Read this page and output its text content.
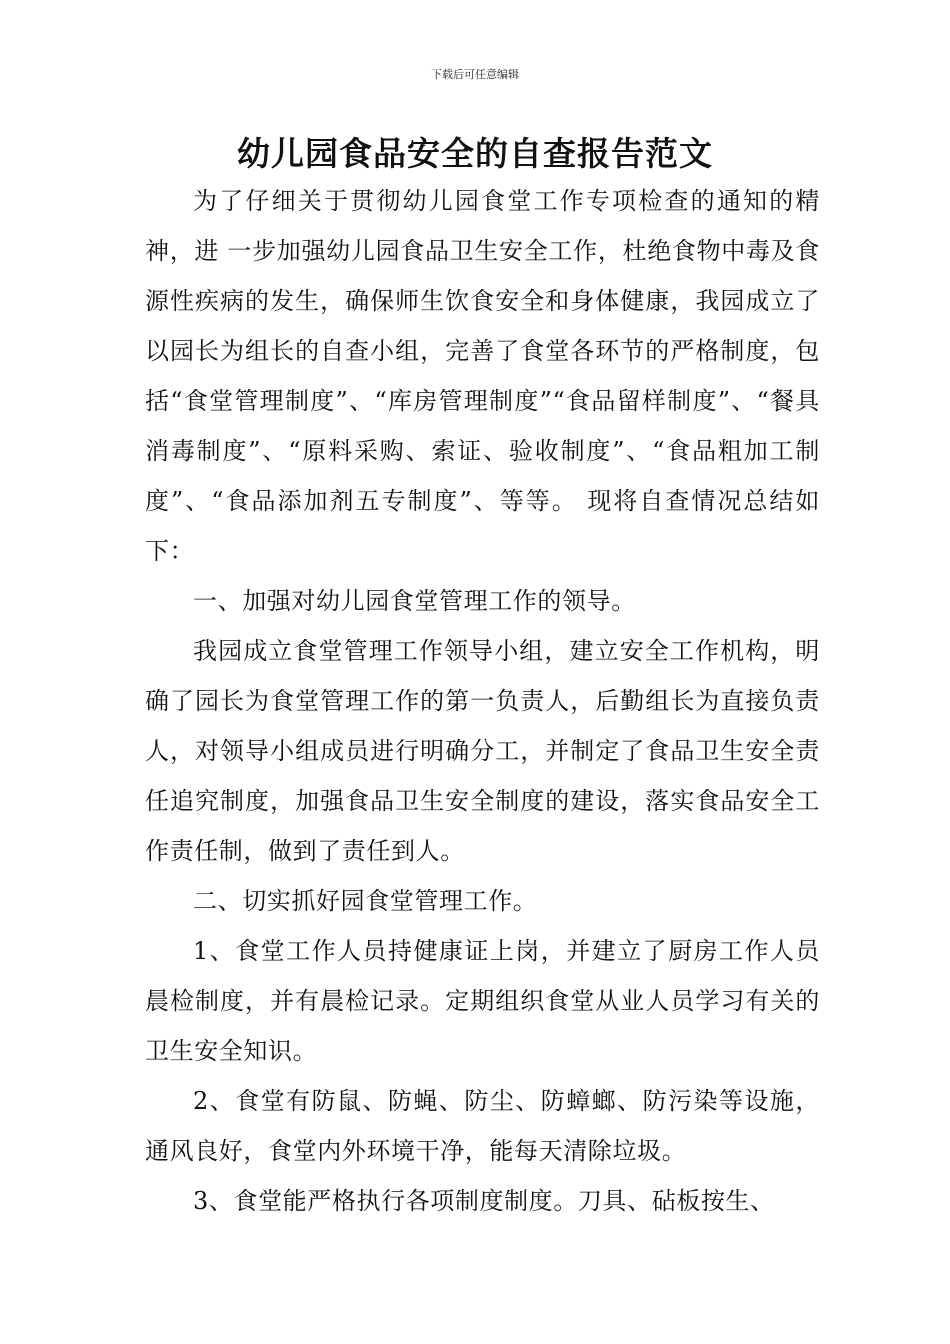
下载后可任意编辑
幼儿园食品安全的自查报告范文

为了仔细关于贯彻幼儿园食堂工作专项检查的通知的精神，进 一步加强幼儿园食品卫生安全工作，杜绝食物中毒及食源性疾病的发生，确保师生饮食安全和身体健康，我园成立了以园长为组长的自查小组，完善了食堂各环节的严格制度，包括“食堂管理制度”、“库房管理制度”“食品留样制度”、“餐具消毒制度”、“原料采购、索证、验收制度”、“食品粗加工制度”、“食品添加剂五专制度”、等等。 现将自查情况总结如下：

一、加强对幼儿园食堂管理工作的领导。

我园成立食堂管理工作领导小组，建立安全工作机构，明确了园长为食堂管理工作的第一负责人，后勤组长为直接负责人，对领导小组成员进行明确分工，并制定了食品卫生安全责任追究制度，加强食品卫生安全制度的建设，落实食品安全工作责任制，做到了责任到人。

二、切实抓好园食堂管理工作。

1、食堂工作人员持健康证上岗，并建立了厨房工作人员晨检制度，并有晨检记录。定期组织食堂从业人员学习有关的卫生安全知识。

2、食堂有防鼠、防蝇、防尘、防蟑螂、防污染等设施，通风良好，食堂内外环境干净，能每天清除垃圾。

3、食堂能严格执行各项制度制度。刀具、砧板按生、
